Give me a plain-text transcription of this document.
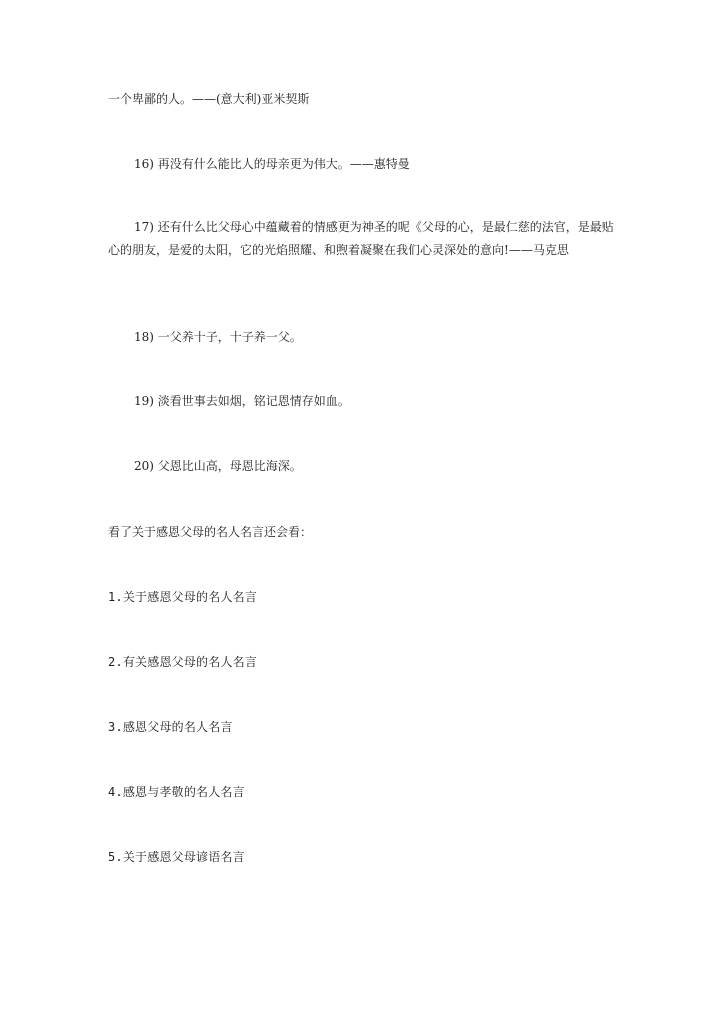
一个卑鄙的人。——(意大利)亚米契斯
16) 再没有什么能比人的母亲更为伟大。——惠特曼
17) 还有什么比父母心中蕴藏着的情感更为神圣的呢《父母的心，是最仁慈的法官，是最贴心的朋友，是爱的太阳，它的光焰照耀、和煦着凝聚在我们心灵深处的意向!——马克思
18) 一父养十子，十子养一父。
19) 淡看世事去如烟，铭记恩情存如血。
20) 父恩比山高，母恩比海深。
看了关于感恩父母的名人名言还会看：
1.关于感恩父母的名人名言
2.有关感恩父母的名人名言
3.感恩父母的名人名言
4.感恩与孝敬的名人名言
5.关于感恩父母谚语名言
